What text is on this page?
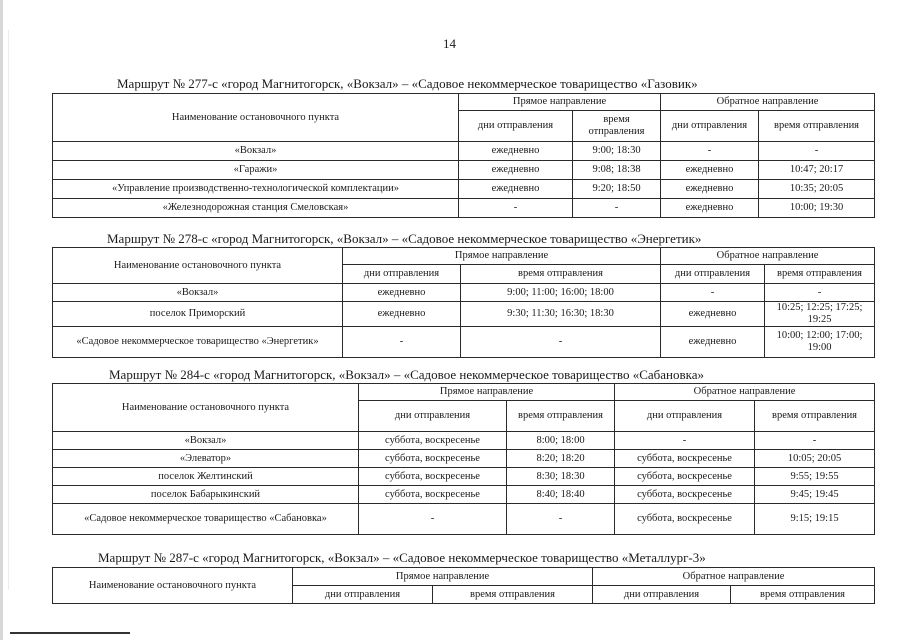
14
Маршрут № 277-с «город Магнитогорск, «Вокзал» – «Садовое некоммерческое товарищество «Газовик»
Наименование остановочного пункта	Прямое направление		Обратное направление	
	дни отправления	время отправления	дни отправления	время отправления
«Вокзал»	ежедневно	9:00; 18:30	-	-
«Гаражи»	ежедневно	9:08; 18:38	ежедневно	10:47; 20:17
«Управление производственно-технологической комплектации»	ежедневно	9:20; 18:50	ежедневно	10:35; 20:05
«Железнодорожная станция Смеловская»	-	-	ежедневно	10:00; 19:30
Маршрут № 278-с «город Магнитогорск, «Вокзал» – «Садовое некоммерческое товарищество «Энергетик»
Наименование остановочного пункта	Прямое направление		Обратное направление	
	дни отправления	время отправления	дни отправления	время отправления
«Вокзал»	ежедневно	9:00; 11:00; 16:00; 18:00	-	-
поселок Приморский	ежедневно	9:30; 11:30; 16:30; 18:30	ежедневно	10:25; 12:25; 17:25; 19:25
«Садовое некоммерческое товарищество «Энергетик»	-	-	ежедневно	10:00; 12:00; 17:00; 19:00
Маршрут № 284-с «город Магнитогорск, «Вокзал» – «Садовое некоммерческое товарищество «Сабановка»
Наименование остановочного пункта	Прямое направление		Обратное направление	
	дни отправления	время отправления	дни отправления	время отправления
«Вокзал»	суббота, воскресенье	8:00; 18:00	-	-
«Элеватор»	суббота, воскресенье	8:20; 18:20	суббота, воскресенье	10:05; 20:05
поселок Желтинский	суббота, воскресенье	8:30; 18:30	суббота, воскресенье	9:55; 19:55
поселок Бабарыкинский	суббота, воскресенье	8:40; 18:40	суббота, воскресенье	9:45; 19:45
«Садовое некоммерческое товарищество «Сабановка»	-	-	суббота, воскресенье	9:15; 19:15
Маршрут № 287-с «город Магнитогорск, «Вокзал» – «Садовое некоммерческое товарищество «Металлург-3»
Наименование остановочного пункта	Прямое направление		Обратное направление	
	дни отправления	время отправления	дни отправления	время отправления
